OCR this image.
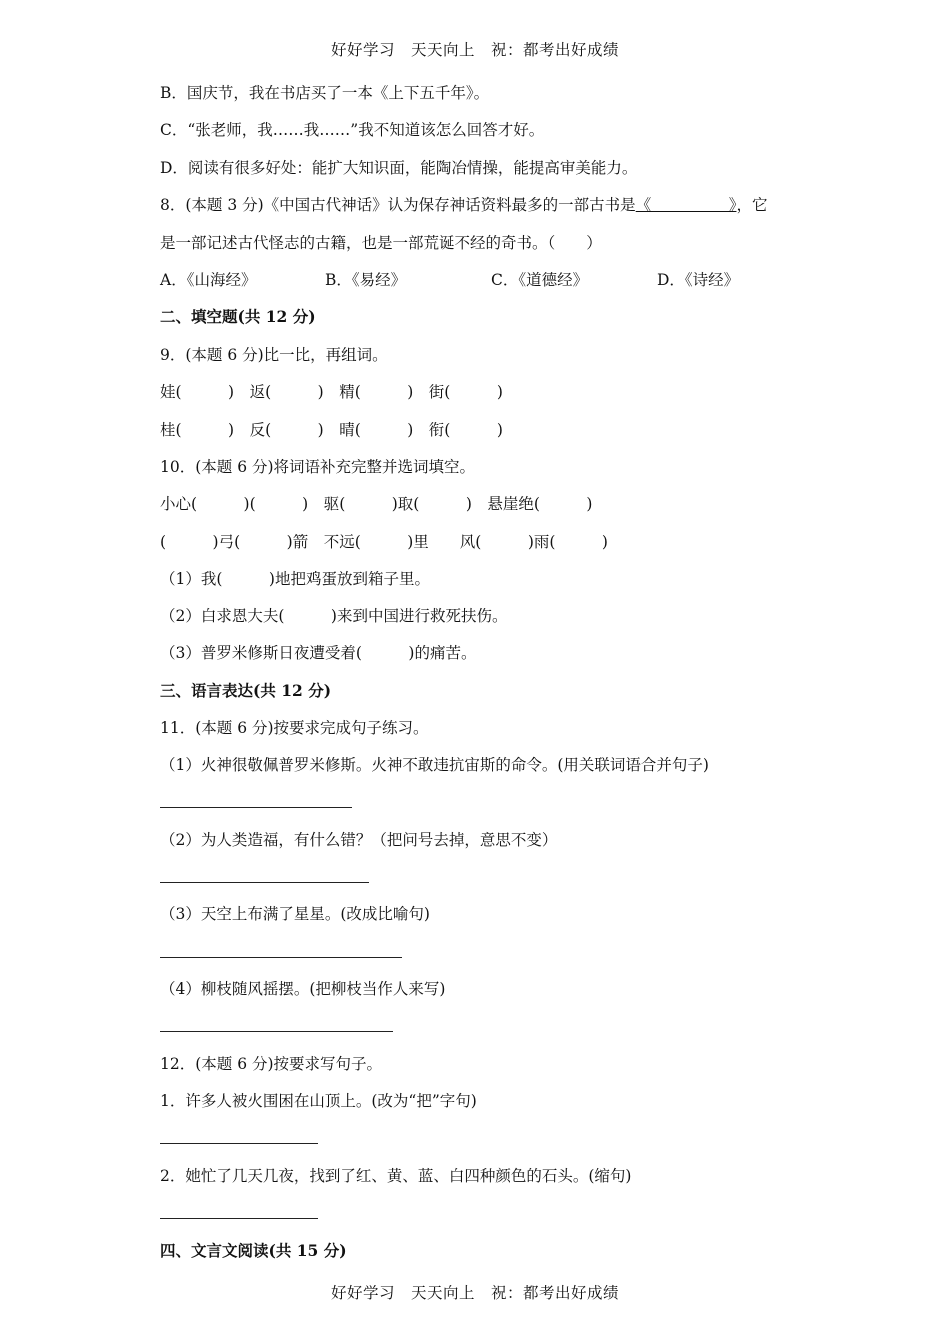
好好学习　天天向上　祝：都考出好成绩
B．国庆节，我在书店买了一本《上下五千年》。
C．“张老师，我……我……”我不知道该怎么回答才好。
D．阅读有很多好处：能扩大知识面，能陶冶情操，能提高审美能力。
8．(本题 3 分)《中国古代神话》认为保存神话资料最多的一部古书是《　　　　　》，它
是一部记述古代怪志的古籍，也是一部荒诞不经的奇书。（　　）
A．《山海经》	B．《易经》	C．《道德经》	D．《诗经》
二、填空题(共 12 分)
9．(本题 6 分)比一比，再组词。
娃(　　　)　返(　　　)　精(　　　)　街(　　　)
桂(　　　)　反(　　　)　晴(　　　)　衔(　　　)
10．(本题 6 分)将词语补充完整并选词填空。
小心(　　　)(　　　)　驱(　　　)取(　　　)　悬崖绝(　　　)
(　　　)弓(　　　)箭　不远(　　　)里　　风(　　　)雨(　　　)
（1）我(　　　)地把鸡蛋放到箱子里。
（2）白求恩大夫(　　　)来到中国进行救死扶伤。
（3）普罗米修斯日夜遭受着(　　　)的痛苦。
三、语言表达(共 12 分)
11．(本题 6 分)按要求完成句子练习。
（1）火神很敬佩普罗米修斯。火神不敢违抗宙斯的命令。(用关联词语合并句子)
（2）为人类造福，有什么错？（把问号去掉，意思不变）
（3）天空上布满了星星。(改成比喻句)
（4）柳枝随风摇摆。(把柳枝当作人来写)
12．(本题 6 分)按要求写句子。
1．许多人被火围困在山顶上。(改为“把”字句)
2．她忙了几天几夜，找到了红、黄、蓝、白四种颜色的石头。(缩句)
四、文言文阅读(共 15 分)
好好学习　天天向上　祝：都考出好成绩
